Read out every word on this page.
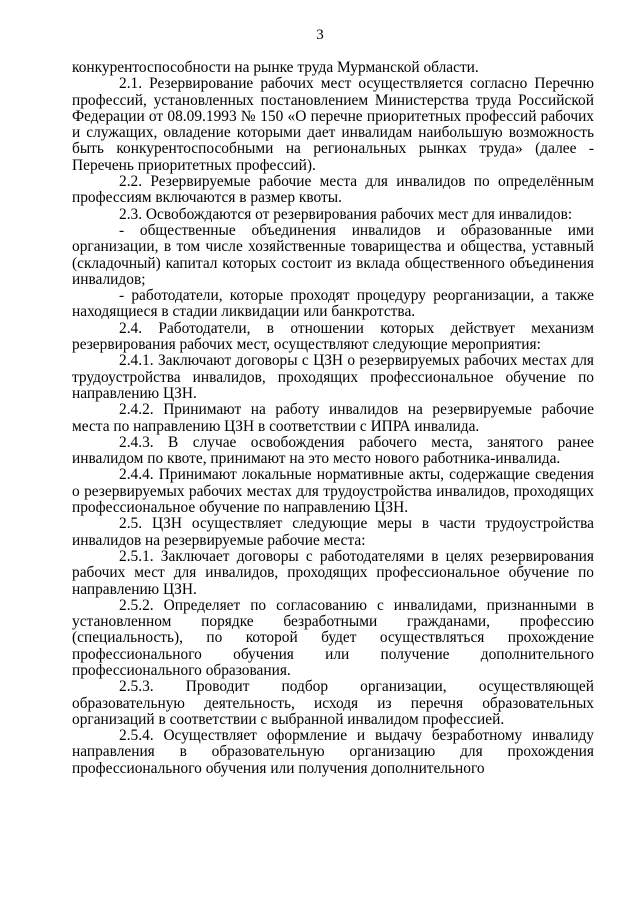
3

конкурентоспособности на рынке труда Мурманской области.

2.1. Резервирование рабочих мест осуществляется согласно Перечню профессий, установленных постановлением Министерства труда Российской Федерации от 08.09.1993 № 150 «О перечне приоритетных профессий рабочих и служащих, овладение которыми дает инвалидам наибольшую возможность быть конкурентоспособными на региональных рынках труда» (далее - Перечень приоритетных профессий).

2.2. Резервируемые рабочие места для инвалидов по определённым профессиям включаются в размер квоты.

2.3. Освобождаются от резервирования рабочих мест для инвалидов:

- общественные объединения инвалидов и образованные ими организации, в том числе хозяйственные товарищества и общества, уставный (складочный) капитал которых состоит из вклада общественного объединения инвалидов;

- работодатели, которые проходят процедуру реорганизации, а также находящиеся в стадии ликвидации или банкротства.

2.4. Работодатели, в отношении которых действует механизм резервирования рабочих мест, осуществляют следующие мероприятия:

2.4.1. Заключают договоры с ЦЗН о резервируемых рабочих местах для трудоустройства инвалидов, проходящих профессиональное обучение по направлению ЦЗН.

2.4.2. Принимают на работу инвалидов на резервируемые рабочие места по направлению ЦЗН в соответствии с ИПРА инвалида.

2.4.3. В случае освобождения рабочего места, занятого ранее инвалидом по квоте, принимают на это место нового работника-инвалида.

2.4.4. Принимают локальные нормативные акты, содержащие сведения о резервируемых рабочих местах для трудоустройства инвалидов, проходящих профессиональное обучение по направлению ЦЗН.

2.5. ЦЗН осуществляет следующие меры в части трудоустройства инвалидов на резервируемые рабочие места:

2.5.1. Заключает договоры с работодателями в целях резервирования рабочих мест для инвалидов, проходящих профессиональное обучение по направлению ЦЗН.

2.5.2. Определяет по согласованию с инвалидами, признанными в установленном порядке безработными гражданами, профессию (специальность), по которой будет осуществляться прохождение профессионального обучения или получение дополнительного профессионального образования.

2.5.3. Проводит подбор организации, осуществляющей образовательную деятельность, исходя из перечня образовательных организаций в соответствии с выбранной инвалидом профессией.

2.5.4. Осуществляет оформление и выдачу безработному инвалиду направления в образовательную организацию для прохождения профессионального обучения или получения дополнительного
